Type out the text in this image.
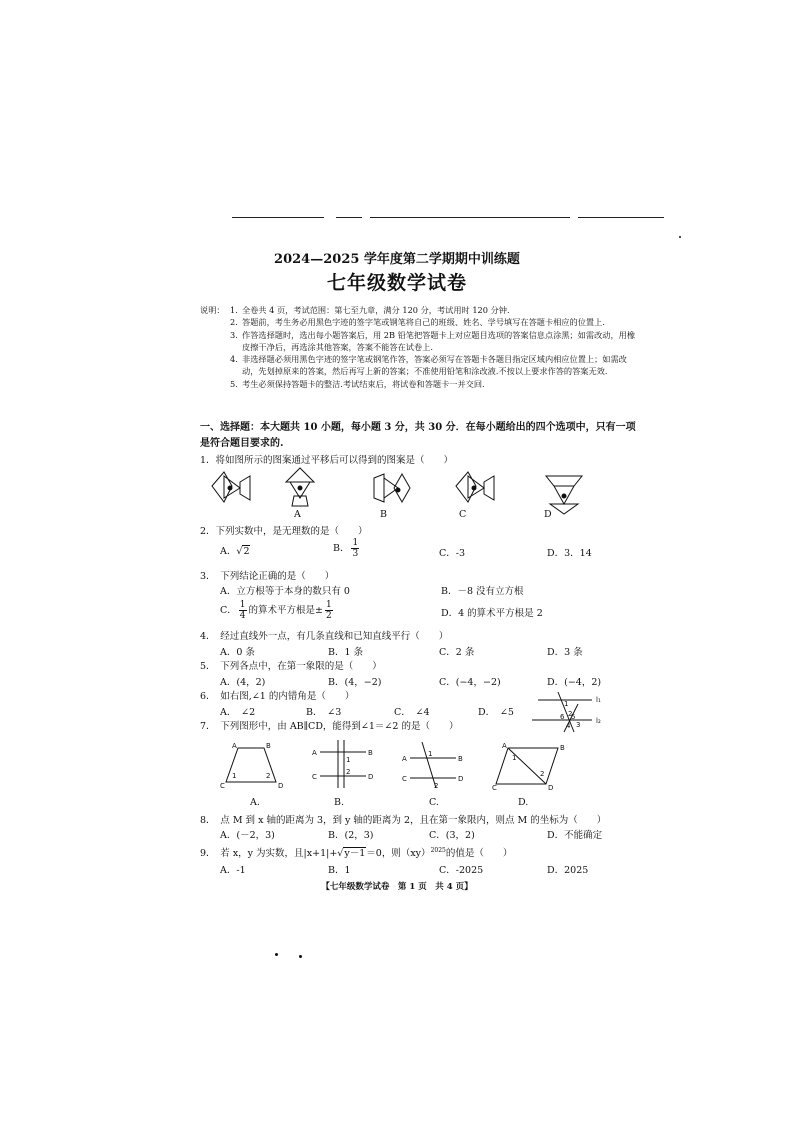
2024—2025 学年度第二学期期中训练题
七年级数学试卷
说明： 1. 全卷共 4 页，考试范围：第七至九章，满分 120 分，考试用时 120 分钟.
2. 答题前，考生务必用黑色字迹的签字笔或钢笔将自己的班级、姓名、学号填写在答题卡相应的位置上.
3. 作答选择题时，选出每小题答案后，用 2B 铅笔把答题卡上对应题目选项的答案信息点涂黑；如需改动，用橡皮擦干净后，再选涂其他答案，答案不能答在试卷上.
4. 非选择题必须用黑色字迹的签字笔或钢笔作答，答案必须写在答题卡各题目指定区域内相应位置上；如需改动，先划掉原来的答案，然后再写上新的答案；不准使用铅笔和涂改液.不按以上要求作答的答案无效.
5. 考生必须保持答题卡的整洁.考试结束后，将试卷和答题卡一并交回.
一、选择题：本大题共 10 小题，每小题 3 分，共 30 分．在每小题给出的四个选项中，只有一项是符合题目要求的.
1．将如图所示的图案通过平移后可以得到的图案是（　　）
A	B	C	D
2．下列实数中，是无理数的是（　　）
A．√2	B． $\frac{1}{3}$	C．-3	D．3．14
3．　下列结论正确的是（　　）
A．立方根等于本身的数只有 0	B．－8 没有立方根
C． $\frac{1}{4}$ 的算术平方根是± $\frac{1}{2}$	D．4 的算术平方根是 2
4．　经过直线外一点，有几条直线和已知直线平行（　　）
A．0 条	B．1 条	C．2 条	D．3 条
5．　下列各点中，在第一象限的是（　　）
A．(4，2)	B．(4，−2)	C．(−4，−2)	D．(−4，2)
6．　如右图,∠1 的内错角是（　　）
A．　∠2	B．　∠3	C．　∠4	D．　∠5
l₁
l₂
1
2
3
4
5
6
7．　下列图形中，由 AB∥CD，能得到∠1＝∠2 的是（　　）
A	B
C	D
1	2
A	B
C	D
1
2
A	B
C	D
1
2
A	B
C	D
1
2
A.	B.	C.	D.
8．　点 M 到 x 轴的距离为 3，到 y 轴的距离为 2，且在第一象限内，则点 M 的坐标为（　　）
A．(－2，3)	B．(2，3)	C．(3，2)	D．不能确定
9．　若 x，y 为实数，且|x+1|+√y－1＝0，则（xy）$^{2025}$的值是（　　）
A．-1	B．1	C．-2025	D．2025
【七年级数学试卷　第 1 页　共 4 页】
